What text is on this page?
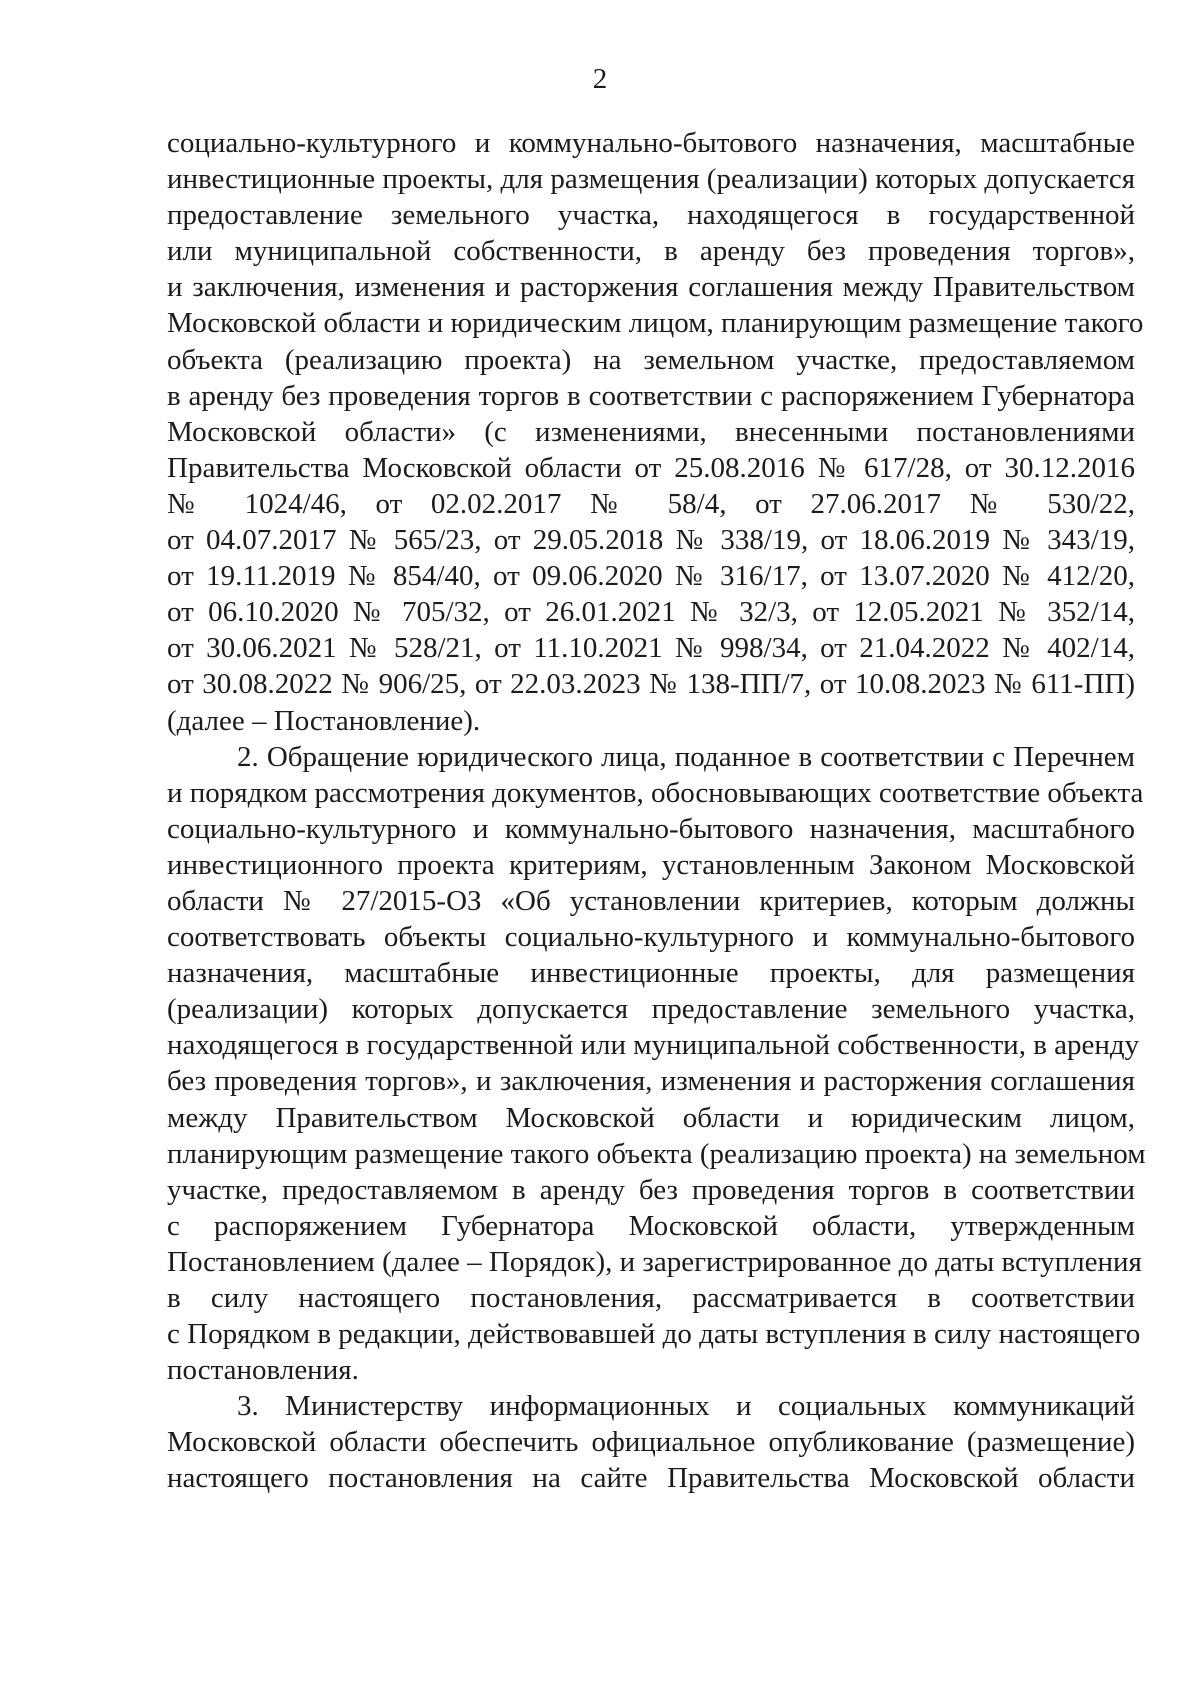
2
социально-культурного и коммунально-бытового назначения, масштабные
инвестиционные проекты, для размещения (реализации) которых допускается
предоставление земельного участка, находящегося в государственной
или муниципальной собственности, в аренду без проведения торгов»,
и заключения, изменения и расторжения соглашения между Правительством
Московской области и юридическим лицом, планирующим размещение такого
объекта (реализацию проекта) на земельном участке, предоставляемом
в аренду без проведения торгов в соответствии с распоряжением Губернатора
Московской области» (с изменениями, внесенными постановлениями
Правительства Московской области от 25.08.2016 № 617/28, от 30.12.2016
№ 1024/46, от 02.02.2017 № 58/4, от 27.06.2017 № 530/22,
от 04.07.2017 № 565/23, от 29.05.2018 № 338/19, от 18.06.2019 № 343/19,
от 19.11.2019 № 854/40, от 09.06.2020 № 316/17, от 13.07.2020 № 412/20,
от 06.10.2020 № 705/32, от 26.01.2021 № 32/3, от 12.05.2021 № 352/14,
от 30.06.2021 № 528/21, от 11.10.2021 № 998/34, от 21.04.2022 № 402/14,
от 30.08.2022 № 906/25, от 22.03.2023 № 138-ПП/7, от 10.08.2023 № 611-ПП)
(далее – Постановление).
2. Обращение юридического лица, поданное в соответствии с Перечнем
и порядком рассмотрения документов, обосновывающих соответствие объекта
социально-культурного и коммунально-бытового назначения, масштабного
инвестиционного проекта критериям, установленным Законом Московской
области № 27/2015-ОЗ «Об установлении критериев, которым должны
соответствовать объекты социально-культурного и коммунально-бытового
назначения, масштабные инвестиционные проекты, для размещения
(реализации) которых допускается предоставление земельного участка,
находящегося в государственной или муниципальной собственности, в аренду
без проведения торгов», и заключения, изменения и расторжения соглашения
между Правительством Московской области и юридическим лицом,
планирующим размещение такого объекта (реализацию проекта) на земельном
участке, предоставляемом в аренду без проведения торгов в соответствии
с распоряжением Губернатора Московской области, утвержденным
Постановлением (далее – Порядок), и зарегистрированное до даты вступления
в силу настоящего постановления, рассматривается в соответствии
с Порядком в редакции, действовавшей до даты вступления в силу настоящего
постановления.
3. Министерству информационных и социальных коммуникаций
Московской области обеспечить официальное опубликование (размещение)
настоящего постановления на сайте Правительства Московской области
